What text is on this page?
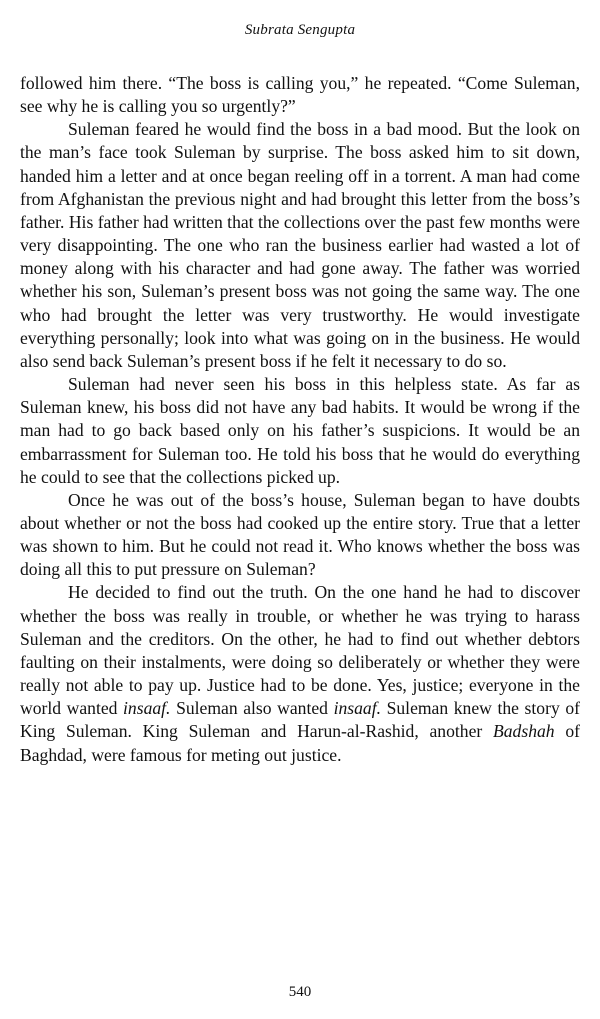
Subrata Sengupta

followed him there. “The boss is calling you,” he repeated. “Come Suleman, see why he is calling you so urgently?”

Suleman feared he would find the boss in a bad mood. But the look on the man’s face took Suleman by surprise. The boss asked him to sit down, handed him a letter and at once began reeling off in a torrent. A man had come from Afghanistan the previous night and had brought this letter from the boss’s father. His father had written that the collections over the past few months were very disappointing. The one who ran the business earlier had wasted a lot of money along with his character and had gone away. The father was worried whether his son, Suleman’s present boss was not going the same way. The one who had brought the letter was very trustworthy. He would investigate everything personally; look into what was going on in the business. He would also send back Suleman’s present boss if he felt it necessary to do so.

Suleman had never seen his boss in this helpless state. As far as Suleman knew, his boss did not have any bad habits. It would be wrong if the man had to go back based only on his father’s suspicions. It would be an embarrassment for Suleman too. He told his boss that he would do everything he could to see that the collections picked up.

Once he was out of the boss’s house, Suleman began to have doubts about whether or not the boss had cooked up the entire story. True that a letter was shown to him. But he could not read it. Who knows whether the boss was doing all this to put pressure on Suleman?

He decided to find out the truth. On the one hand he had to discover whether the boss was really in trouble, or whether he was trying to harass Suleman and the creditors. On the other, he had to find out whether debtors faulting on their instalments, were doing so deliberately or whether they were really not able to pay up. Justice had to be done. Yes, justice; everyone in the world wanted insaaf. Suleman also wanted insaaf. Suleman knew the story of King Suleman. King Suleman and Harun-al-Rashid, another Badshah of Baghdad, were famous for meting out justice.

540
